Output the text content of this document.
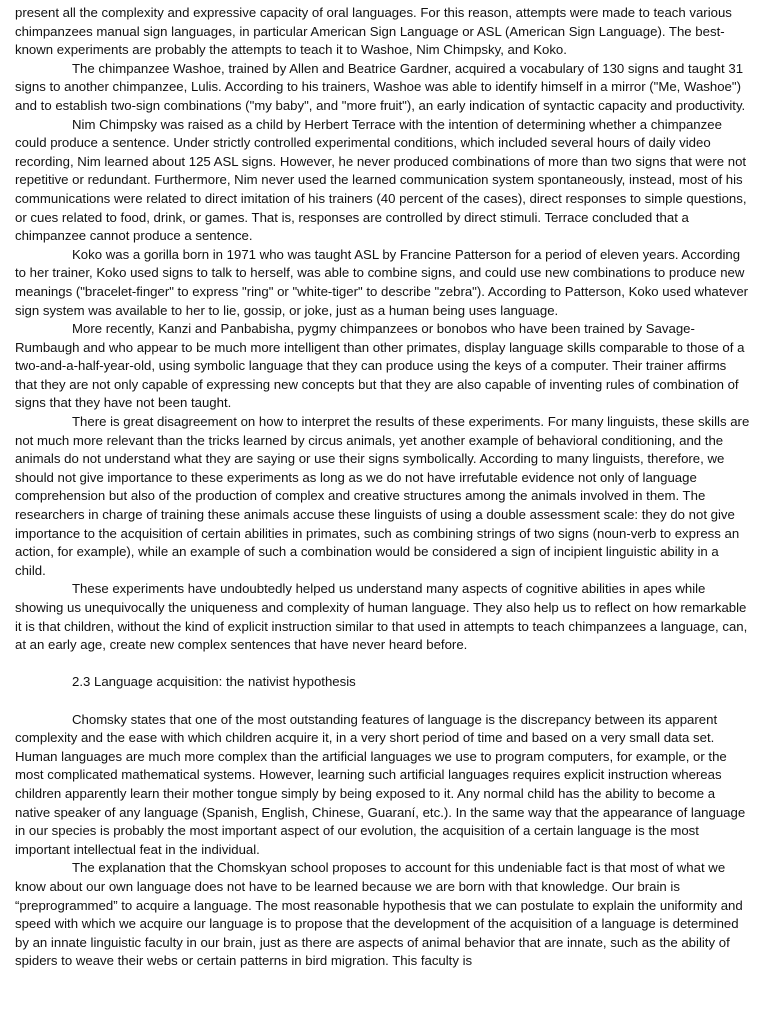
present all the complexity and expressive capacity of oral languages. For this reason, attempts were made to teach various chimpanzees manual sign languages, in particular American Sign Language or ASL (American Sign Language). The best-known experiments are probably the attempts to teach it to Washoe, Nim Chimpsky, and Koko.

The chimpanzee Washoe, trained by Allen and Beatrice Gardner, acquired a vocabulary of 130 signs and taught 31 signs to another chimpanzee, Lulis. According to his trainers, Washoe was able to identify himself in a mirror ("Me, Washoe") and to establish two-sign combinations ("my baby", and "more fruit"), an early indication of syntactic capacity and productivity.

Nim Chimpsky was raised as a child by Herbert Terrace with the intention of determining whether a chimpanzee could produce a sentence. Under strictly controlled experimental conditions, which included several hours of daily video recording, Nim learned about 125 ASL signs. However, he never produced combinations of more than two signs that were not repetitive or redundant. Furthermore, Nim never used the learned communication system spontaneously, instead, most of his communications were related to direct imitation of his trainers (40 percent of the cases), direct responses to simple questions, or cues related to food, drink, or games. That is, responses are controlled by direct stimuli. Terrace concluded that a chimpanzee cannot produce a sentence.

Koko was a gorilla born in 1971 who was taught ASL by Francine Patterson for a period of eleven years. According to her trainer, Koko used signs to talk to herself, was able to combine signs, and could use new combinations to produce new meanings ("bracelet-finger" to express "ring" or "white-tiger" to describe "zebra"). According to Patterson, Koko used whatever sign system was available to her to lie, gossip, or joke, just as a human being uses language.

More recently, Kanzi and Panbabisha, pygmy chimpanzees or bonobos who have been trained by Savage-Rumbaugh and who appear to be much more intelligent than other primates, display language skills comparable to those of a two-and-a-half-year-old, using symbolic language that they can produce using the keys of a computer. Their trainer affirms that they are not only capable of expressing new concepts but that they are also capable of inventing rules of combination of signs that they have not been taught.

There is great disagreement on how to interpret the results of these experiments. For many linguists, these skills are not much more relevant than the tricks learned by circus animals, yet another example of behavioral conditioning, and the animals do not understand what they are saying or use their signs symbolically. According to many linguists, therefore, we should not give importance to these experiments as long as we do not have irrefutable evidence not only of language comprehension but also of the production of complex and creative structures among the animals involved in them. The researchers in charge of training these animals accuse these linguists of using a double assessment scale: they do not give importance to the acquisition of certain abilities in primates, such as combining strings of two signs (noun-verb to express an action, for example), while an example of such a combination would be considered a sign of incipient linguistic ability in a child.

These experiments have undoubtedly helped us understand many aspects of cognitive abilities in apes while showing us unequivocally the uniqueness and complexity of human language. They also help us to reflect on how remarkable it is that children, without the kind of explicit instruction similar to that used in attempts to teach chimpanzees a language, can, at an early age, create new complex sentences that have never heard before.

2.3 Language acquisition: the nativist hypothesis

Chomsky states that one of the most outstanding features of language is the discrepancy between its apparent complexity and the ease with which children acquire it, in a very short period of time and based on a very small data set. Human languages are much more complex than the artificial languages we use to program computers, for example, or the most complicated mathematical systems. However, learning such artificial languages requires explicit instruction whereas children apparently learn their mother tongue simply by being exposed to it. Any normal child has the ability to become a native speaker of any language (Spanish, English, Chinese, Guaraní, etc.). In the same way that the appearance of language in our species is probably the most important aspect of our evolution, the acquisition of a certain language is the most important intellectual feat in the individual.

The explanation that the Chomskyan school proposes to account for this undeniable fact is that most of what we know about our own language does not have to be learned because we are born with that knowledge. Our brain is “preprogrammed” to acquire a language. The most reasonable hypothesis that we can postulate to explain the uniformity and speed with which we acquire our language is to propose that the development of the acquisition of a language is determined by an innate linguistic faculty in our brain, just as there are aspects of animal behavior that are innate, such as the ability of spiders to weave their webs or certain patterns in bird migration. This faculty is
